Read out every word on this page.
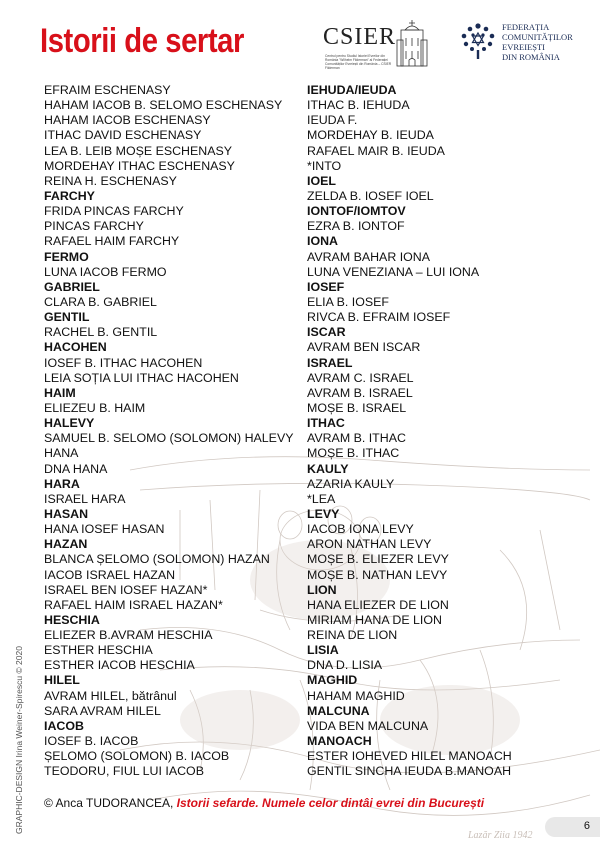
Lazăr Ziia 1942
Istorii de sertar	CSIER
Centrul pentru Studiul Istoriei Evreilor din România "Wilhelm Filderman" al Federației Comunităților Evreiești din România – CSIER Filderman
FEDERAȚIA
COMUNITĂȚILOR
EVREIEȘTI
DIN ROMÂNIA
EFRAIM ESCHENASY
HAHAM IACOB B. SELOMO ESCHENASY
HAHAM IACOB ESCHENASY
ITHAC DAVID ESCHENASY
LEA B. LEIB MOȘE ESCHENASY
MORDEHAY ITHAC ESCHENASY
REINA H. ESCHENASY
FARCHY
FRIDA PINCAS FARCHY
PINCAS FARCHY
RAFAEL HAIM FARCHY
FERMO
LUNA IACOB FERMO
GABRIEL
CLARA B. GABRIEL
GENTIL
RACHEL B. GENTIL
HACOHEN
IOSEF B. ITHAC HACOHEN
LEIA SOȚIA LUI ITHAC HACOHEN
HAIM
ELIEZEU B. HAIM
HALEVY
SAMUEL B. SELOMO (SOLOMON) HALEVY
HANA
DNA HANA
HARA
ISRAEL HARA
HASAN
HANA IOSEF HASAN
HAZAN
BLANCA ȘELOMO (SOLOMON) HAZAN
IACOB ISRAEL HAZAN
ISRAEL BEN IOSEF HAZAN*
RAFAEL HAIM ISRAEL HAZAN*
HESCHIA
ELIEZER B.AVRAM HESCHIA
ESTHER HESCHIA
ESTHER IACOB HESCHIA
HILEL
AVRAM HILEL, bătrânul
SARA AVRAM HILEL
IACOB
IOSEF B. IACOB
ȘELOMO (SOLOMON) B. IACOB
TEODORU, FIUL LUI IACOB
IEHUDA/IEUDA
ITHAC B. IEHUDA
IEUDA F.
MORDEHAY B. IEUDA
RAFAEL MAIR B. IEUDA
*INTO
IOEL
ZELDA B. IOSEF IOEL
IONTOF/IOMTOV
EZRA B. IONTOF
IONA
AVRAM BAHAR IONA
LUNA VENEZIANA – LUI IONA
IOSEF
ELIA B. IOSEF
RIVCA B. EFRAIM IOSEF
ISCAR
AVRAM BEN ISCAR
ISRAEL
AVRAM C. ISRAEL
AVRAM B. ISRAEL
MOȘE B. ISRAEL
ITHAC
AVRAM B. ITHAC
MOȘE B. ITHAC
KAULY
AZARIA KAULY
*LEA
LEVY
IACOB IONA LEVY
ARON NATHAN LEVY
MOȘE B. ELIEZER LEVY
MOȘE B. NATHAN LEVY
LION
HANA ELIEZER DE LION
MIRIAM HANA DE LION
REINA DE LION
LISIA
DNA D. LISIA
MAGHID
HAHAM MAGHID
MALCUNA
VIDA BEN MALCUNA
MANOACH
ESTER IOHEVED HILEL MANOACH
GENTIL SINCHA IEUDA B.MANOAH
© Anca TUDORANCEA, Istorii sefarde. Numele celor dintâi evrei din București
GRAPHIC-DESIGN Irina Weiner-Spirescu © 2020	6
